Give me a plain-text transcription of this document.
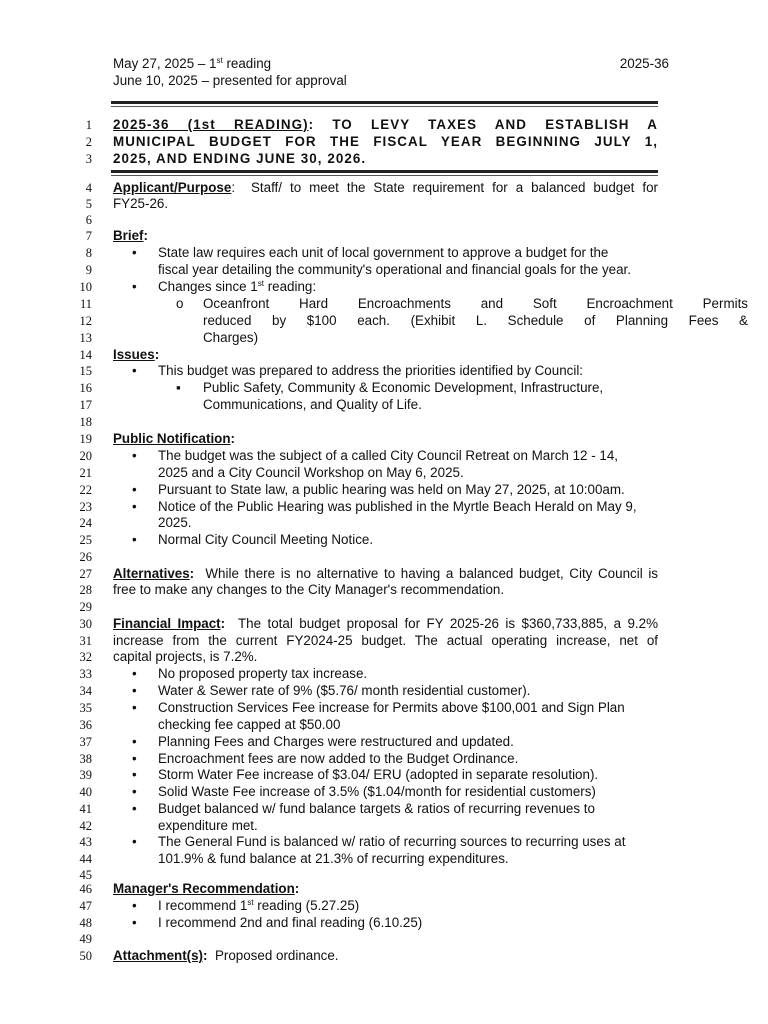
May 27, 2025 – 1st reading
June 10, 2025 – presented for approval
2025-36
1
2
3
4
5
6
7
8
9
10
11
12
13
14
15
16
17
18
19
20
21
22
23
24
25
26
27
28
29
30
31
32
33
34
35
36
37
38
39
40
41
42
43
44
45
46
47
48
49
50
2025-36 (1st READING): TO LEVY TAXES AND ESTABLISH A
MUNICIPAL BUDGET FOR THE FISCAL YEAR BEGINNING JULY 1,
2025, AND ENDING JUNE 30, 2026.
Applicant/Purpose:  Staff/ to meet the State requirement for a balanced budget for
FY25-26.
Brief:
• State law requires each unit of local government to approve a budget for the
fiscal year detailing the community's operational and financial goals for the year.
• Changes since 1st reading:
o Oceanfront Hard Encroachments and Soft Encroachment Permits
reduced by $100 each. (Exhibit L. Schedule of Planning Fees &
Charges)
Issues:
• This budget was prepared to address the priorities identified by Council:
▪ Public Safety, Community & Economic Development, Infrastructure,
Communications, and Quality of Life.
Public Notification:
• The budget was the subject of a called City Council Retreat on March 12 - 14,
2025 and a City Council Workshop on May 6, 2025.
• Pursuant to State law, a public hearing was held on May 27, 2025, at 10:00am.
• Notice of the Public Hearing was published in the Myrtle Beach Herald on May 9,
2025.
• Normal City Council Meeting Notice.
Alternatives: While there is no alternative to having a balanced budget, City Council is
free to make any changes to the City Manager's recommendation.
Financial Impact: The total budget proposal for FY 2025-26 is $360,733,885, a 9.2%
increase from the current FY2024-25 budget. The actual operating increase, net of
capital projects, is 7.2%.
• No proposed property tax increase.
• Water & Sewer rate of 9% ($5.76/ month residential customer).
• Construction Services Fee increase for Permits above $100,001 and Sign Plan
checking fee capped at $50.00
• Planning Fees and Charges were restructured and updated.
• Encroachment fees are now added to the Budget Ordinance.
• Storm Water Fee increase of $3.04/ ERU (adopted in separate resolution).
• Solid Waste Fee increase of 3.5% ($1.04/month for residential customers)
• Budget balanced w/ fund balance targets & ratios of recurring revenues to
expenditure met.
• The General Fund is balanced w/ ratio of recurring sources to recurring uses at
101.9% & fund balance at 21.3% of recurring expenditures.
Manager's Recommendation:
• I recommend 1st reading (5.27.25)
• I recommend 2nd and final reading (6.10.25)
Attachment(s): Proposed ordinance.
